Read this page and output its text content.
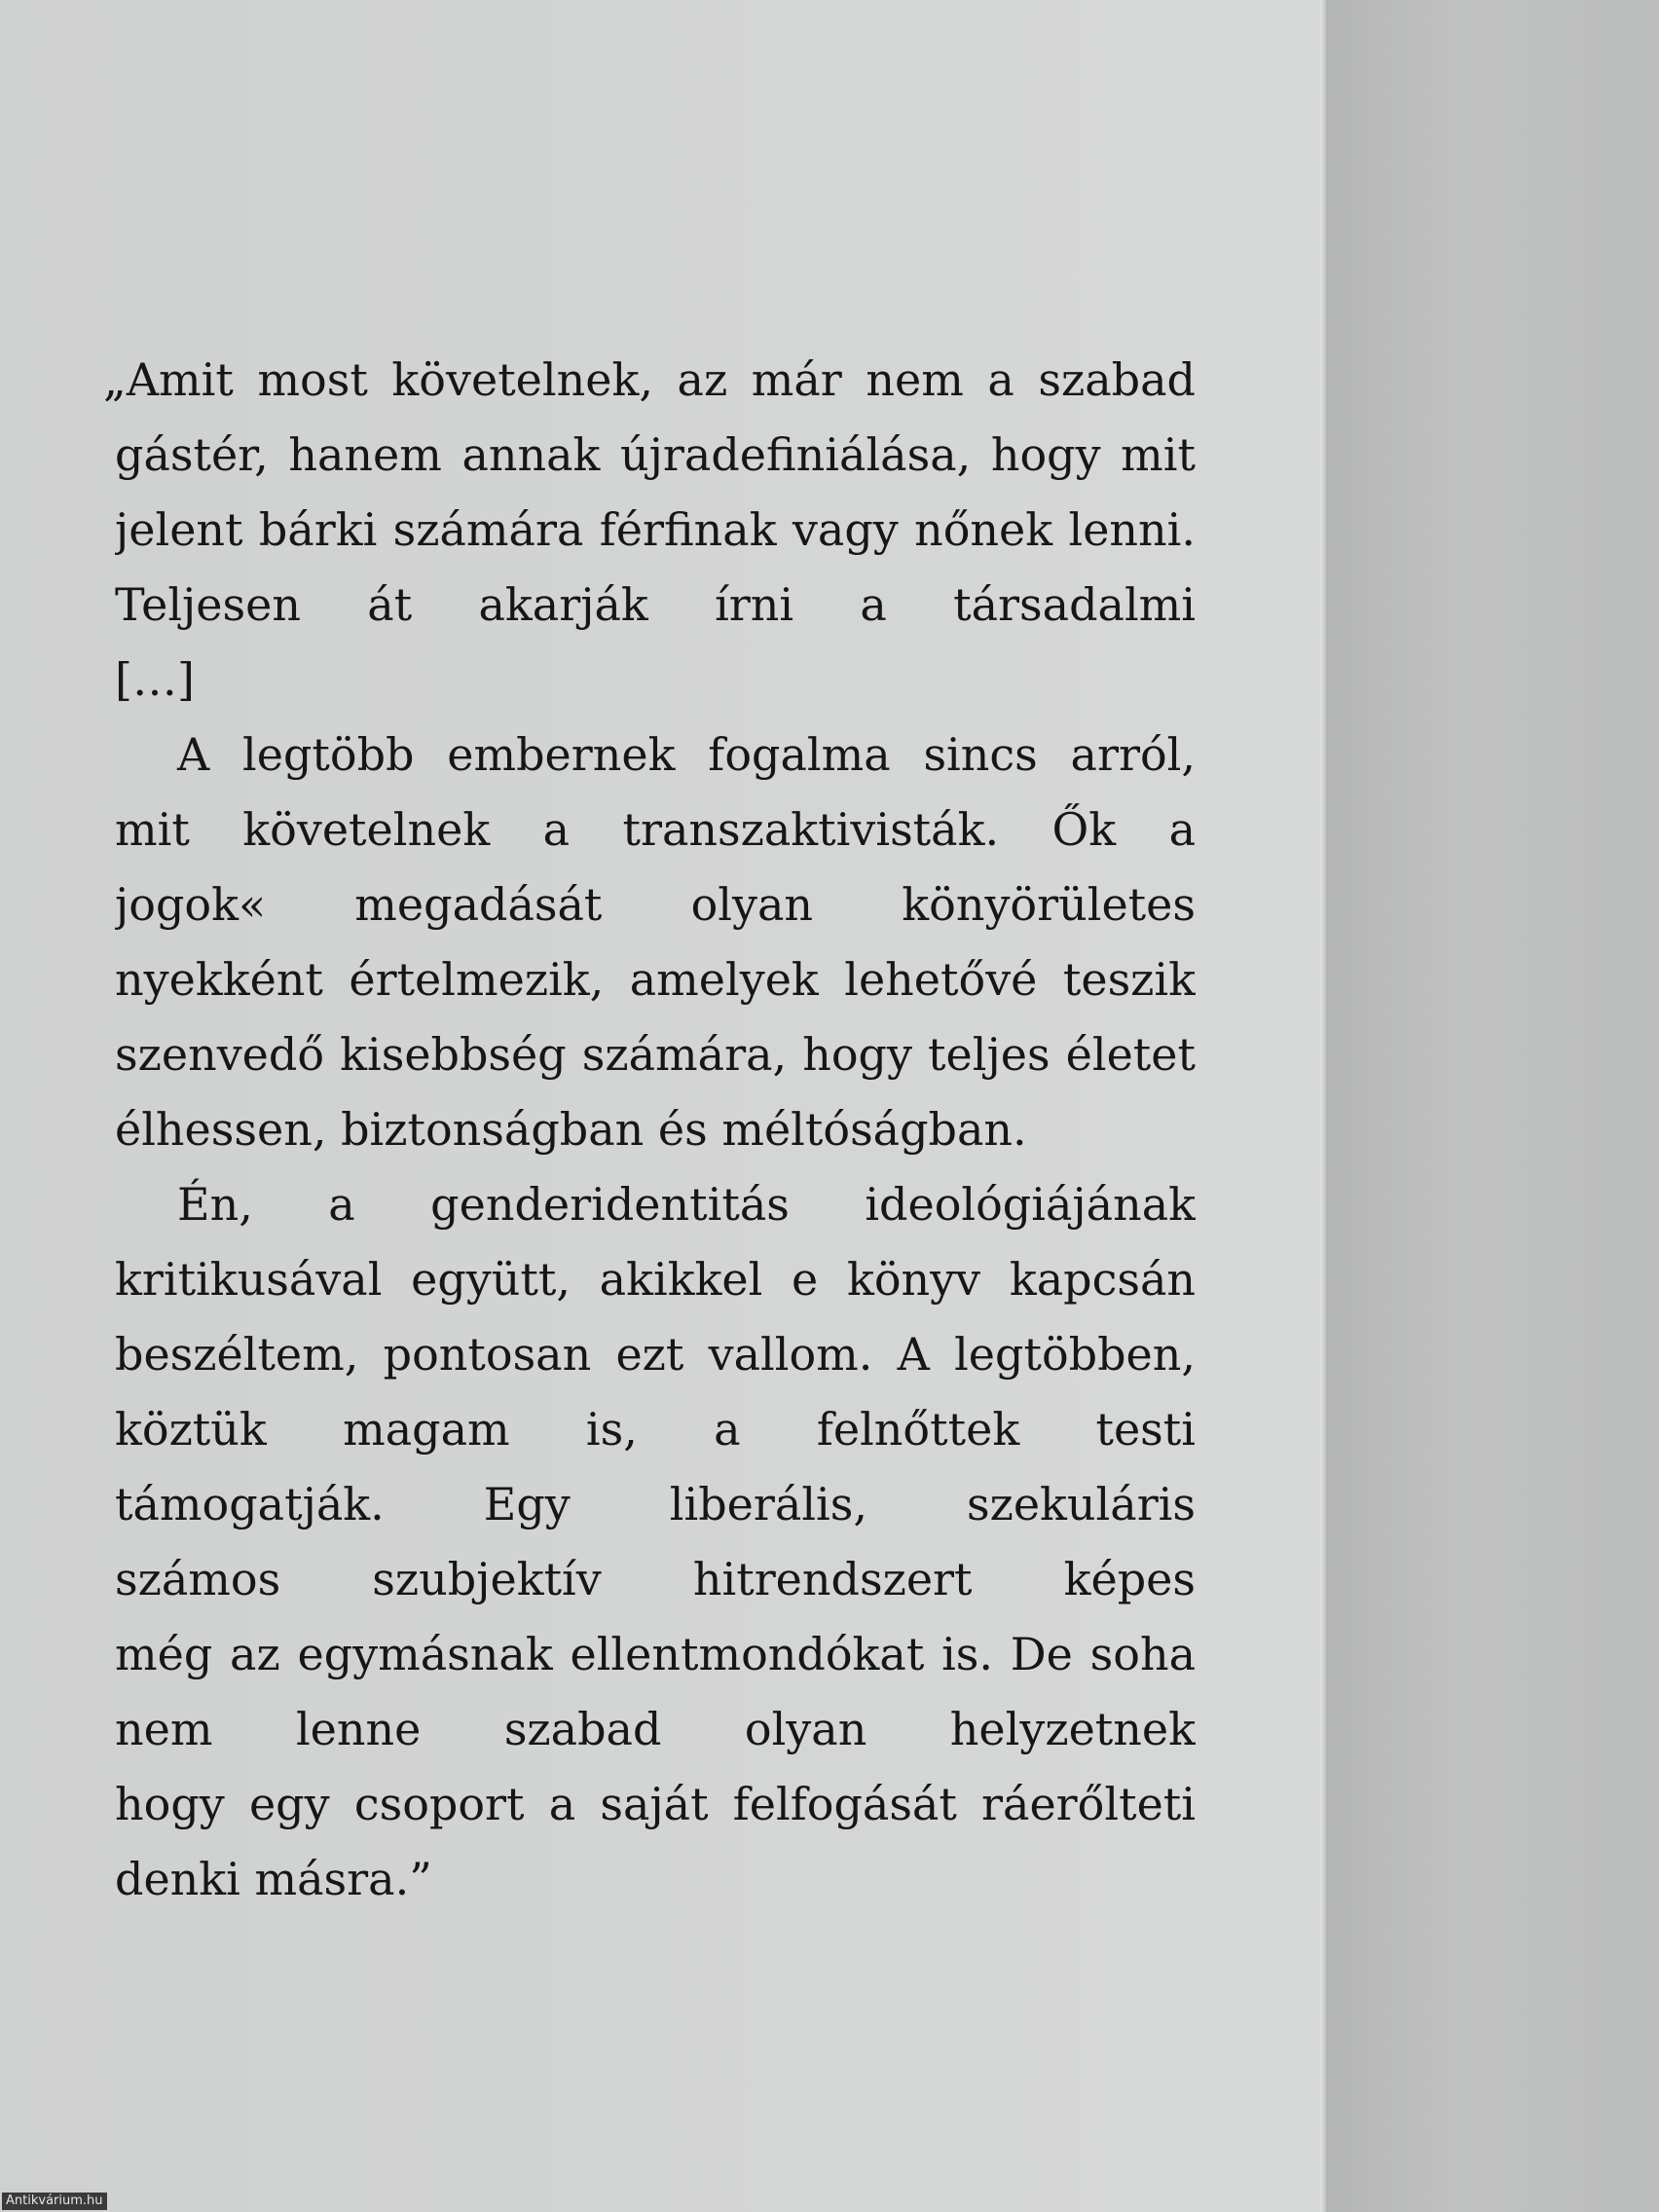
„Amit most követelnek, az már nem a szabad
gástér, hanem annak újradefiniálása, hogy mit
jelent bárki számára férfinak vagy nőnek lenni.
Teljesen át akarják írni a társadalmi
[…]
A legtöbb embernek fogalma sincs arról,
mit követelnek a transzaktivisták. Ők a
jogok« megadását olyan könyörületes
nyekként értelmezik, amelyek lehetővé teszik
szenvedő kisebbség számára, hogy teljes életet
élhessen, biztonságban és méltóságban.
Én, a genderidentitás ideológiájának
kritikusával együtt, akikkel e könyv kapcsán
beszéltem, pontosan ezt vallom. A legtöbben,
köztük magam is, a felnőttek testi
támogatják. Egy liberális, szekuláris
számos szubjektív hitrendszert képes
még az egymásnak ellentmondókat is. De soha
nem lenne szabad olyan helyzetnek
hogy egy csoport a saját felfogását ráerőlteti
denki másra.”
Antikvárium.hu
